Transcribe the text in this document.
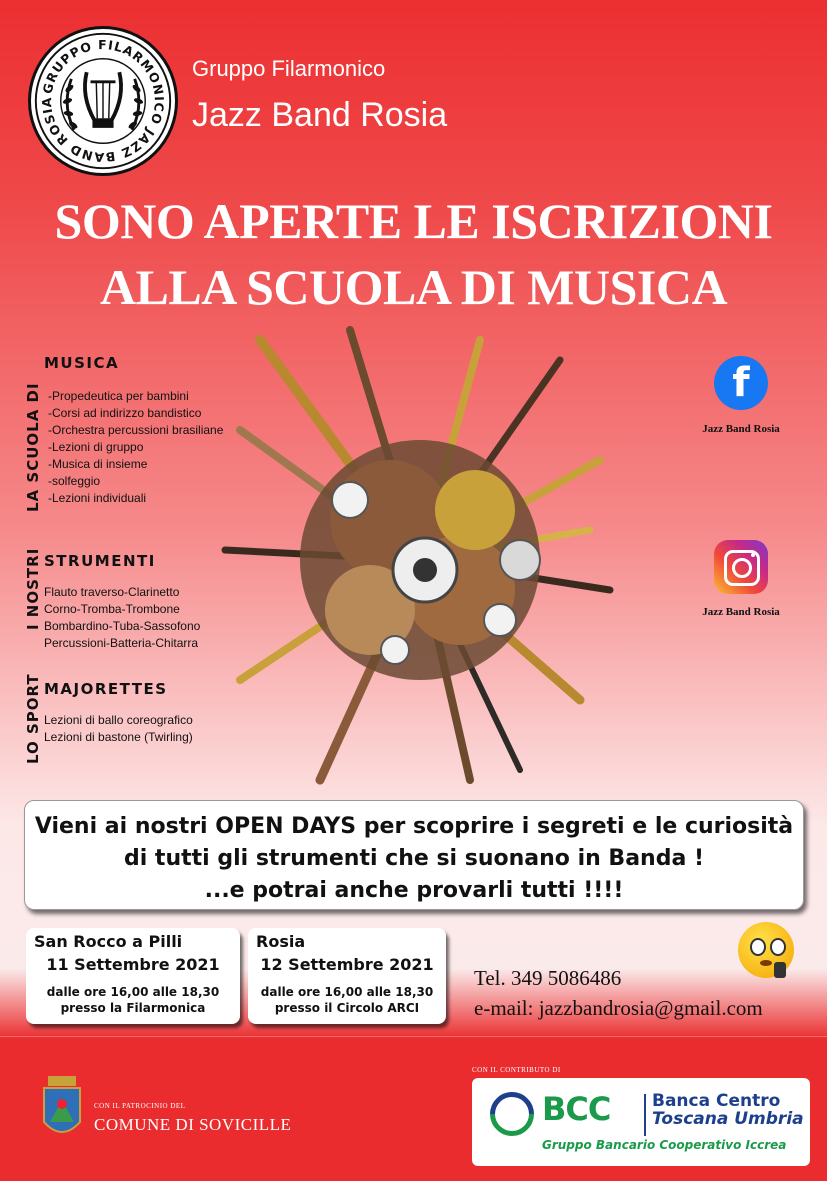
GRUPPO FILARMONICO JAZZ BAND ROSIA
Gruppo Filarmonico
Jazz Band Rosia
SONO APERTE LE ISCRIZIONI
ALLA SCUOLA DI MUSICA
LA SCUOLA DI
MUSICA
-Propedeutica per bambini
-Corsi ad indirizzo bandistico
-Orchestra percussioni brasiliane
-Lezioni di gruppo
-Musica di insieme
-solfeggio
-Lezioni individuali
I NOSTRI STRUMENTI
Flauto traverso-Clarinetto
Corno-Tromba-Trombone
Bombardino-Tuba-Sassofono
Percussioni-Batteria-Chitarra
LO SPORT MAJORETTES
Lezioni di ballo coreografico
Lezioni di bastone (Twirling)
f
Jazz Band Rosia
Jazz Band Rosia
Vieni ai nostri OPEN DAYS per scoprire i segreti e le curiosità
di tutti gli strumenti che si suonano in Banda !
...e potrai anche provarli tutti !!!!
San Rocco a Pilli
11 Settembre 2021
dalle ore 16,00 alle 18,30
presso la Filarmonica
Rosia
12 Settembre 2021
dalle ore 16,00 alle 18,30
presso il Circolo ARCI
Tel. 349 5086486
e-mail: jazzbandrosia@gmail.com
CON IL PATROCINIO DEL
COMUNE DI SOVICILLE
CON IL CONTRIBUTO DI
BCC Banca Centro
Toscana Umbria
Gruppo Bancario Cooperativo Iccrea
